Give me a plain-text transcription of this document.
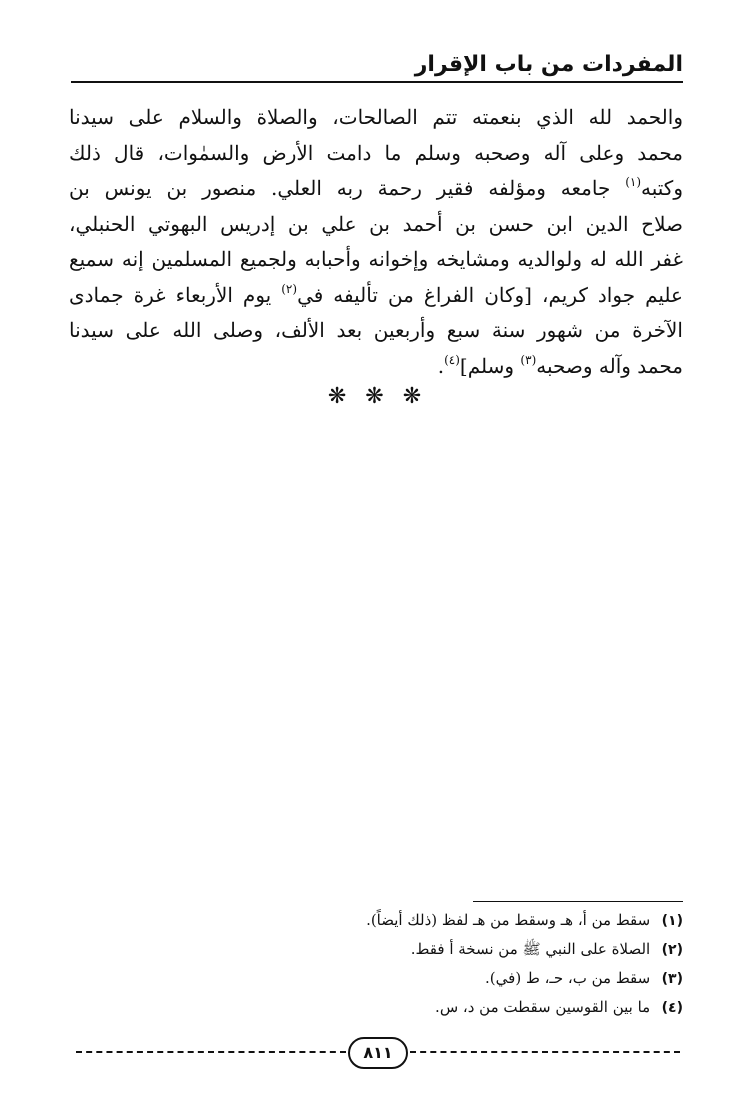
المفردات من باب الإقرار
والحمد لله الذي بنعمته تتم الصالحات، والصلاة والسلام على سيدنا
محمد وعلى آله وصحبه وسلم ما دامت الأرض والسمٰوات، قال ذلك
وكتبه$^{(١)}$ جامعه ومؤلفه فقير رحمة ربه العلي. منصور بن يونس بن
صلاح الدين ابن حسن بن أحمد بن علي بن إدريس البهوتي الحنبلي،
غفر الله له ولوالديه ومشايخه وإخوانه وأحبابه ولجميع المسلمين إنه سميع
عليم جواد كريم، [وكان الفراغ من تأليفه في$^{(٢)}$ يوم الأربعاء غرة جمادى
الآخرة من شهور سنة سبع وأربعين بعد الألف، وصلى الله على سيدنا
محمد وآله وصحبه$^{(٣)}$ وسلم]$^{(٤)}$.
❋ ❋ ❋
(١) سقط من أ، هـ وسقط من هـ لفظ (ذلك أيضاً).
(٢) الصلاة على النبي ﷺ من نسخة أ فقط.
(٣) سقط من ب، حـ، ط (في).
(٤) ما بين القوسين سقطت من د، س.
٨١١
